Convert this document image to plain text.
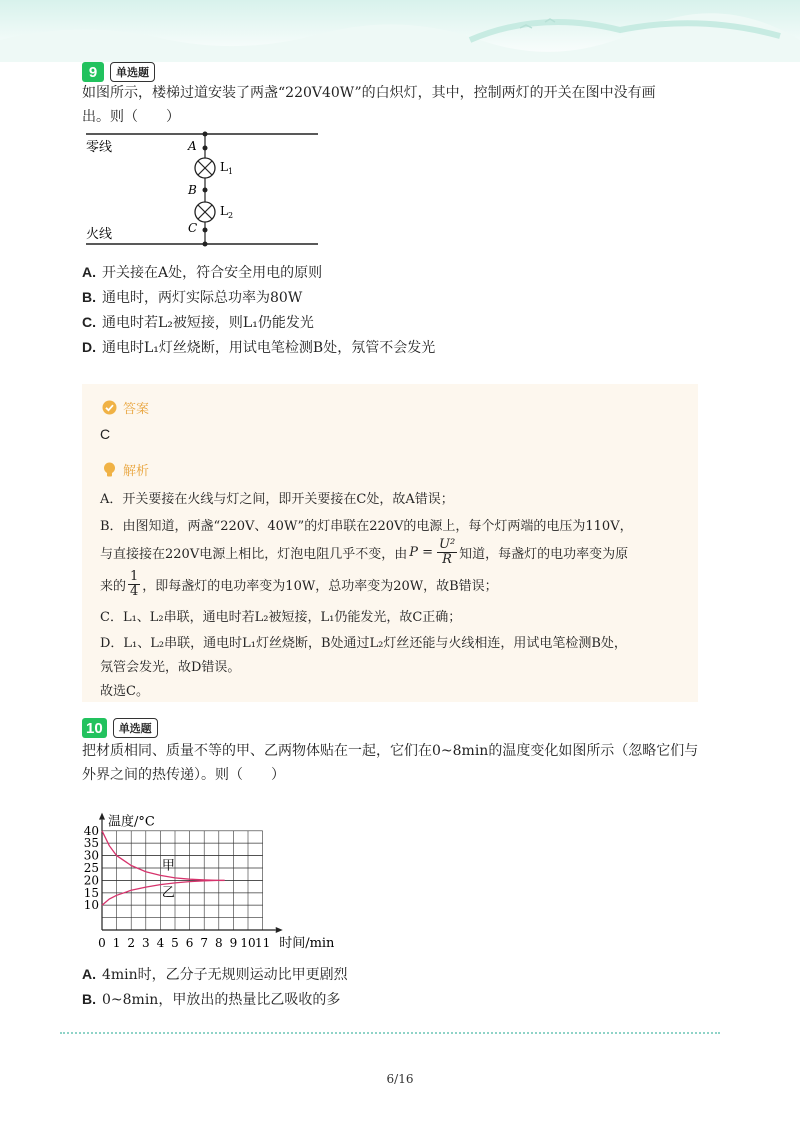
9	单选题
如图所示，楼梯过道安装了两盏“220V40W”的白炽灯，其中，控制两灯的开关在图中没有画
出。则（　　）
零线
火线
A
B
C
$L_1$
$L_2$
A. 开关接在A处，符合安全用电的原则
B. 通电时，两灯实际总功率为80W
C. 通电时若L₂被短接，则L₁仍能发光
D. 通电时L₁灯丝烧断，用试电笔检测B处，氖管不会发光
答案
C
解析
A．开关要接在火线与灯之间，即开关要接在C处，故A错误；
B．由图知道，两盏“220V、40W”的灯串联在220V的电源上，每个灯两端的电压为110V，
与直接接在220V电源上相比，灯泡电阻几乎不变，由 $P = \frac{\text{U²}}{R}$ 知道，每盏灯的电功率变为原
来的 $\frac{1}{4}$ ，即每盏灯的电功率变为10W，总功率变为20W，故B错误；
C．L₁、L₂串联，通电时若L₂被短接，L₁仍能发光，故C正确；
D．L₁、L₂串联，通电时L₁灯丝烧断，B处通过L₂灯丝还能与火线相连，用试电笔检测B处，
氖管会发光，故D错误。
故选C。
10	单选题
把材质相同、质量不等的甲、乙两物体贴在一起，它们在0~8min的温度变化如图所示（忽略它们与
外界之间的热传递）。则（　　）
0 1 2 3 4 5 6 7 8 9 10 11
10
15
20
25
30
35
40
温度/°C
时间/min
甲
乙
A. 4min时，乙分子无规则运动比甲更剧烈
B. 0~8min，甲放出的热量比乙吸收的多
6/16
